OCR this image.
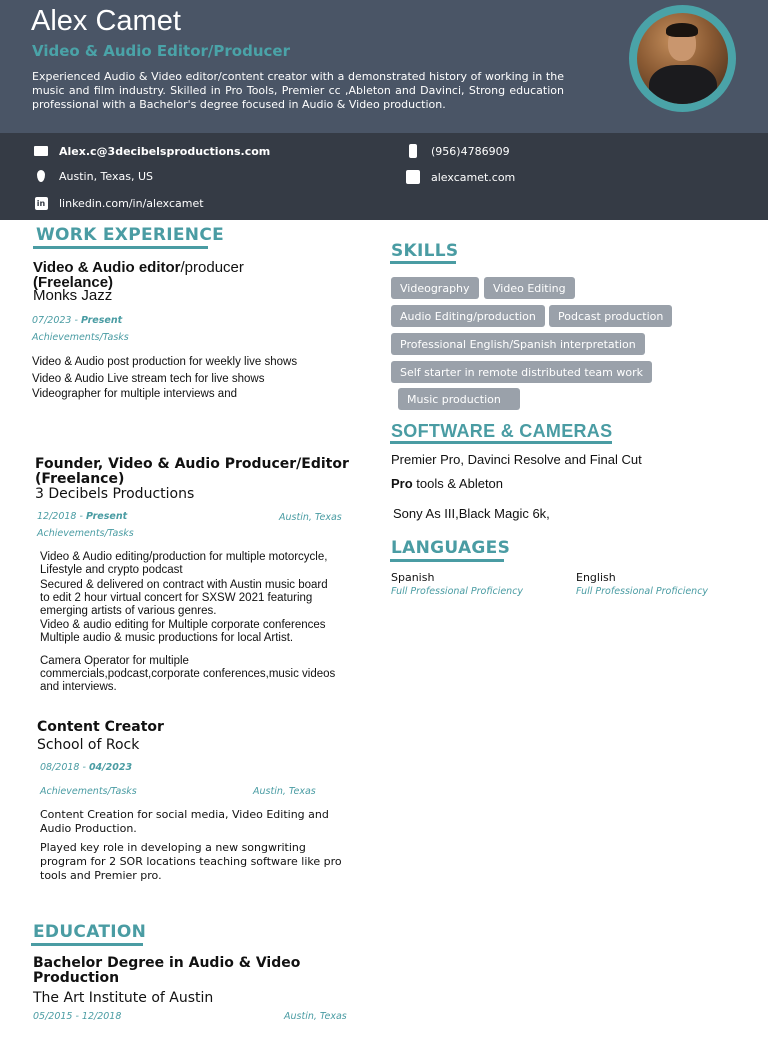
Alex Camet
Video & Audio Editor/Producer
Experienced Audio & Video editor/content creator with a demonstrated history of working in the music and film industry. Skilled in Pro Tools, Premier cc ,Ableton and Davinci, Strong education professional with a Bachelor's degree focused in Audio & Video production.
Alex.c@3decibelsproductions.com
Austin, Texas, US
in linkedin.com/in/alexcamet
(956)4786909
alexcamet.com
WORK EXPERIENCE
Video & Audio editor/producer
(Freelance)
Monks Jazz
07/2023 - Present
Achievements/Tasks
Video & Audio post production for weekly live shows
Video & Audio Live stream tech for live shows
Videographer for multiple interviews and
Founder, Video & Audio Producer/Editor (Freelance)
3 Decibels Productions
12/2018 - Present	Austin, Texas
Achievements/Tasks
Video & Audio editing/production for multiple motorcycle, Lifestyle and crypto podcast
Secured & delivered on contract with Austin music board to edit 2 hour virtual concert for SXSW 2021 featuring emerging artists of various genres.
Video & audio editing for Multiple corporate conferences Multiple audio & music productions for local Artist.
Camera Operator for multiple commercials,podcast,corporate conferences,music videos and interviews.
Content Creator
School of Rock
08/2018 - 04/2023
Achievements/Tasks	Austin, Texas
Content Creation for social media, Video Editing and Audio Production.
Played key role in developing a new songwriting program for 2 SOR locations teaching software like pro tools and Premier pro.
EDUCATION
Bachelor Degree in Audio & Video Production
The Art Institute of Austin
05/2015 - 12/2018	Austin, Texas
SKILLS
Videography	Video Editing
Audio Editing/production	Podcast production
Professional English/Spanish interpretation
Self starter in remote distributed team work
Music production
SOFTWARE & CAMERAS
Premier Pro, Davinci Resolve and Final Cut
Pro tools & Ableton
Sony As III,Black Magic 6k,
LANGUAGES
Spanish
Full Professional Proficiency
English
Full Professional Proficiency
